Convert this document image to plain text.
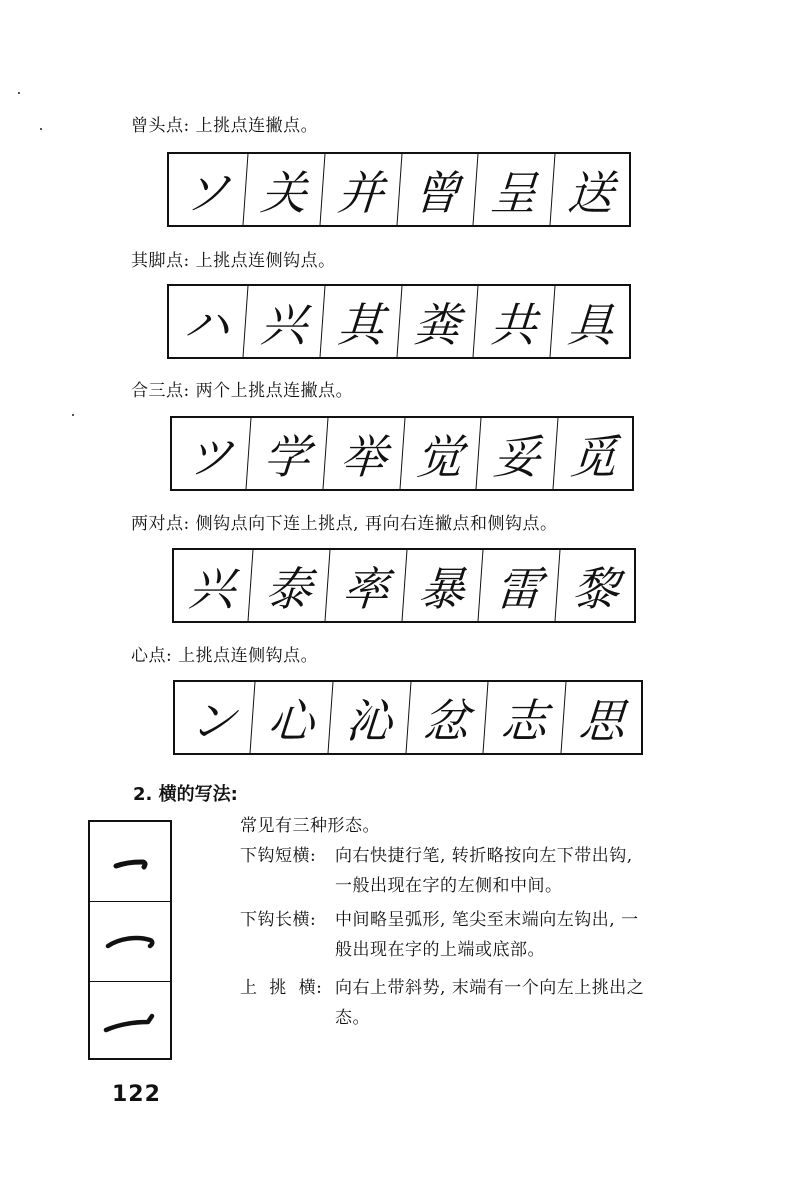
曾头点: 上挑点连撇点。
ソ 关 并 曾 呈 送
其脚点: 上挑点连侧钩点。
ハ 兴 其 粪 共 具
合三点: 两个上挑点连撇点。
ツ 学 举 觉 妥 觅
两对点: 侧钩点向下连上挑点, 再向右连撇点和侧钩点。
兴 泰 率 暴 雷 黎
心点: 上挑点连侧钩点。
ン 心 沁 忿 志 思
2. 横的写法:
常见有三种形态。
下钩短横: 向右快捷行笔, 转折略按向左下带出钩,
一般出现在字的左侧和中间。
下钩长横: 中间略呈弧形, 笔尖至末端向左钩出, 一
般出现在字的上端或底部。
上  挑  横: 向右上带斜势, 末端有一个向左上挑出之
态。
122
